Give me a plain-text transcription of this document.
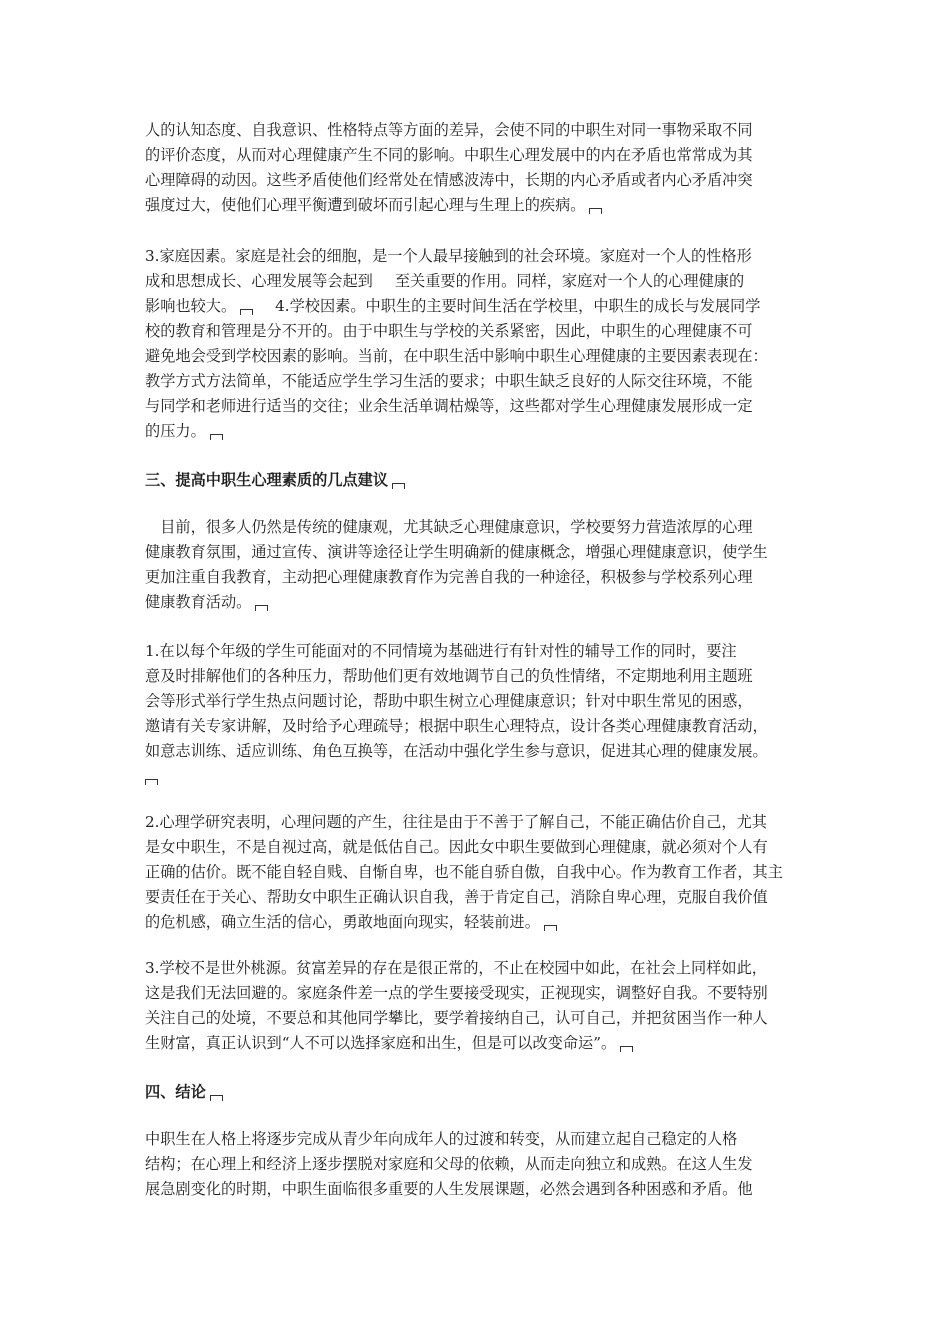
人的认知态度、自我意识、性格特点等方面的差异，会使不同的中职生对同一事物采取不同
的评价态度，从而对心理健康产生不同的影响。中职生心理发展中的内在矛盾也常常成为其
心理障碍的动因。这些矛盾使他们经常处在情感波涛中，长期的内心矛盾或者内心矛盾冲突
强度过大，使他们心理平衡遭到破坏而引起心理与生理上的疾病。
3.家庭因素。家庭是社会的细胞，是一个人最早接触到的社会环境。家庭对一个人的性格形
成和思想成长、心理发展等会起到 至关重要的作用。同样，家庭对一个人的心理健康的
影响也较大。	4.学校因素。中职生的主要时间生活在学校里，中职生的成长与发展同学
校的教育和管理是分不开的。由于中职生与学校的关系紧密，因此，中职生的心理健康不可
避免地会受到学校因素的影响。当前，在中职生活中影响中职生心理健康的主要因素表现在：
教学方式方法简单，不能适应学生学习生活的要求；中职生缺乏良好的人际交往环境，不能
与同学和老师进行适当的交往；业余生活单调枯燥等，这些都对学生心理健康发展形成一定
的压力。
三、提高中职生心理素质的几点建议
　目前，很多人仍然是传统的健康观，尤其缺乏心理健康意识，学校要努力营造浓厚的心理
健康教育氛围，通过宣传、演讲等途径让学生明确新的健康概念，增强心理健康意识，使学生
更加注重自我教育，主动把心理健康教育作为完善自我的一种途径，积极参与学校系列心理
健康教育活动。
1.在以每个年级的学生可能面对的不同情境为基础进行有针对性的辅导工作的同时，要注
意及时排解他们的各种压力，帮助他们更有效地调节自己的负性情绪，不定期地利用主题班
会等形式举行学生热点问题讨论，帮助中职生树立心理健康意识；针对中职生常见的困惑，
邀请有关专家讲解，及时给予心理疏导；根据中职生心理特点，设计各类心理健康教育活动，
如意志训练、适应训练、角色互换等，在活动中强化学生参与意识，促进其心理的健康发展。
2.心理学研究表明，心理问题的产生，往往是由于不善于了解自己，不能正确估价自己，尤其
是女中职生，不是自视过高，就是低估自己。因此女中职生要做到心理健康，就必须对个人有
正确的估价。既不能自轻自贱、自惭自卑，也不能自骄自傲，自我中心。作为教育工作者，其主
要责任在于关心、帮助女中职生正确认识自我，善于肯定自己，消除自卑心理，克服自我价值
的危机感，确立生活的信心，勇敢地面向现实，轻装前进。
3.学校不是世外桃源。贫富差异的存在是很正常的，不止在校园中如此，在社会上同样如此，
这是我们无法回避的。家庭条件差一点的学生要接受现实，正视现实，调整好自我。不要特别
关注自己的处境，不要总和其他同学攀比，要学着接纳自己，认可自己，并把贫困当作一种人
生财富，真正认识到“人不可以选择家庭和出生，但是可以改变命运”。
四、结论
中职生在人格上将逐步完成从青少年向成年人的过渡和转变，从而建立起自己稳定的人格
结构；在心理上和经济上逐步摆脱对家庭和父母的依赖，从而走向独立和成熟。在这人生发
展急剧变化的时期，中职生面临很多重要的人生发展课题，必然会遇到各种困惑和矛盾。他
